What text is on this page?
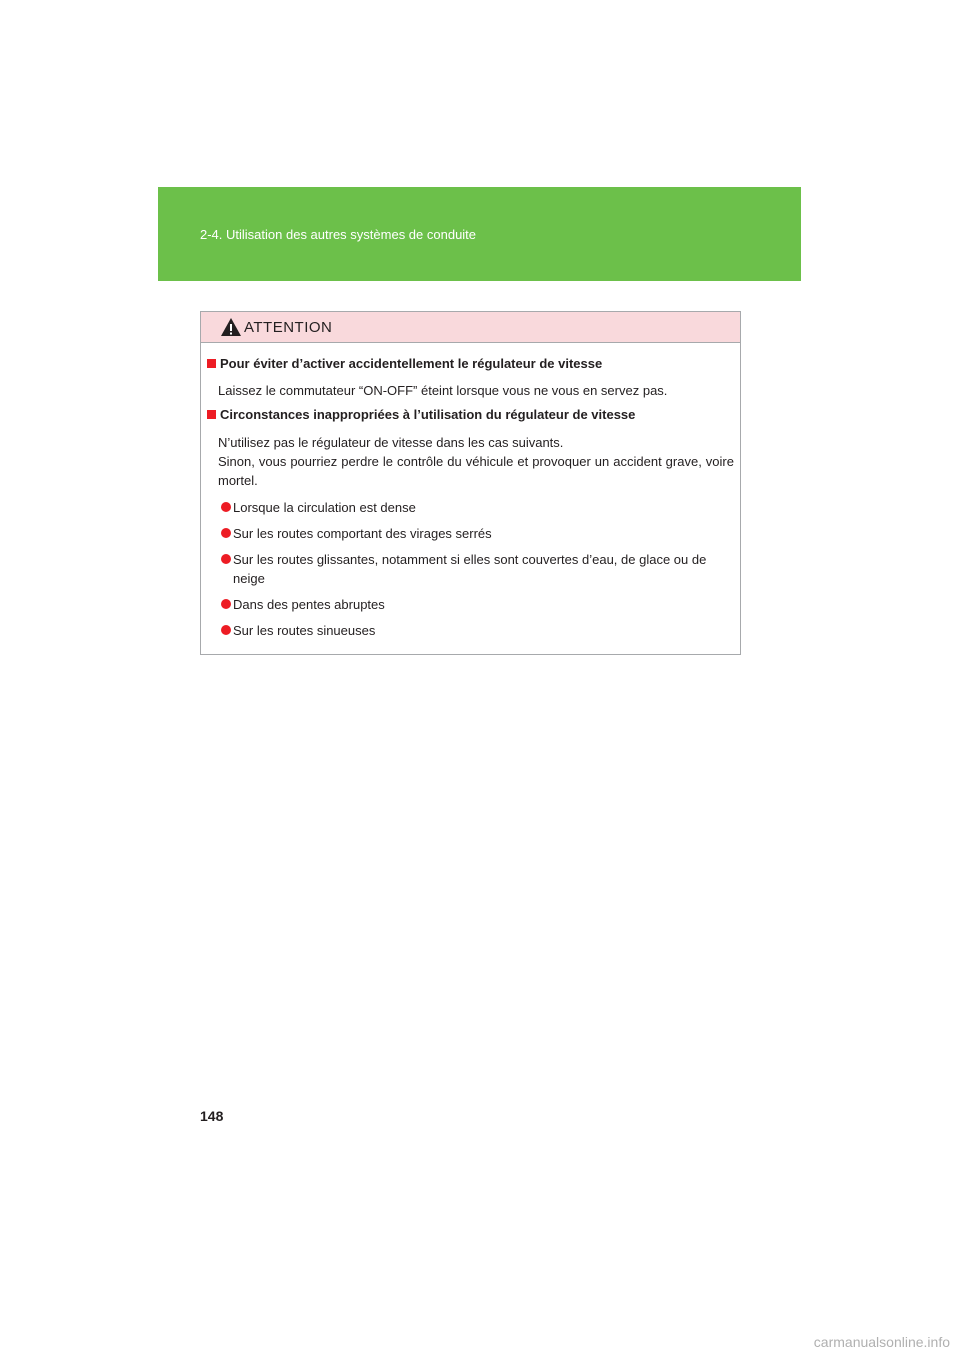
2-4. Utilisation des autres systèmes de conduite
ATTENTION
Pour éviter d’activer accidentellement le régulateur de vitesse
Laissez le commutateur “ON-OFF” éteint lorsque vous ne vous en servez pas.
Circonstances inappropriées à l’utilisation du régulateur de vitesse
N’utilisez pas le régulateur de vitesse dans les cas suivants.
Sinon, vous pourriez perdre le contrôle du véhicule et provoquer un accident grave, voire mortel.
Lorsque la circulation est dense
Sur les routes comportant des virages serrés
Sur les routes glissantes, notamment si elles sont couvertes d’eau, de glace ou de neige
Dans des pentes abruptes
Sur les routes sinueuses
148
carmanualsonline.info
